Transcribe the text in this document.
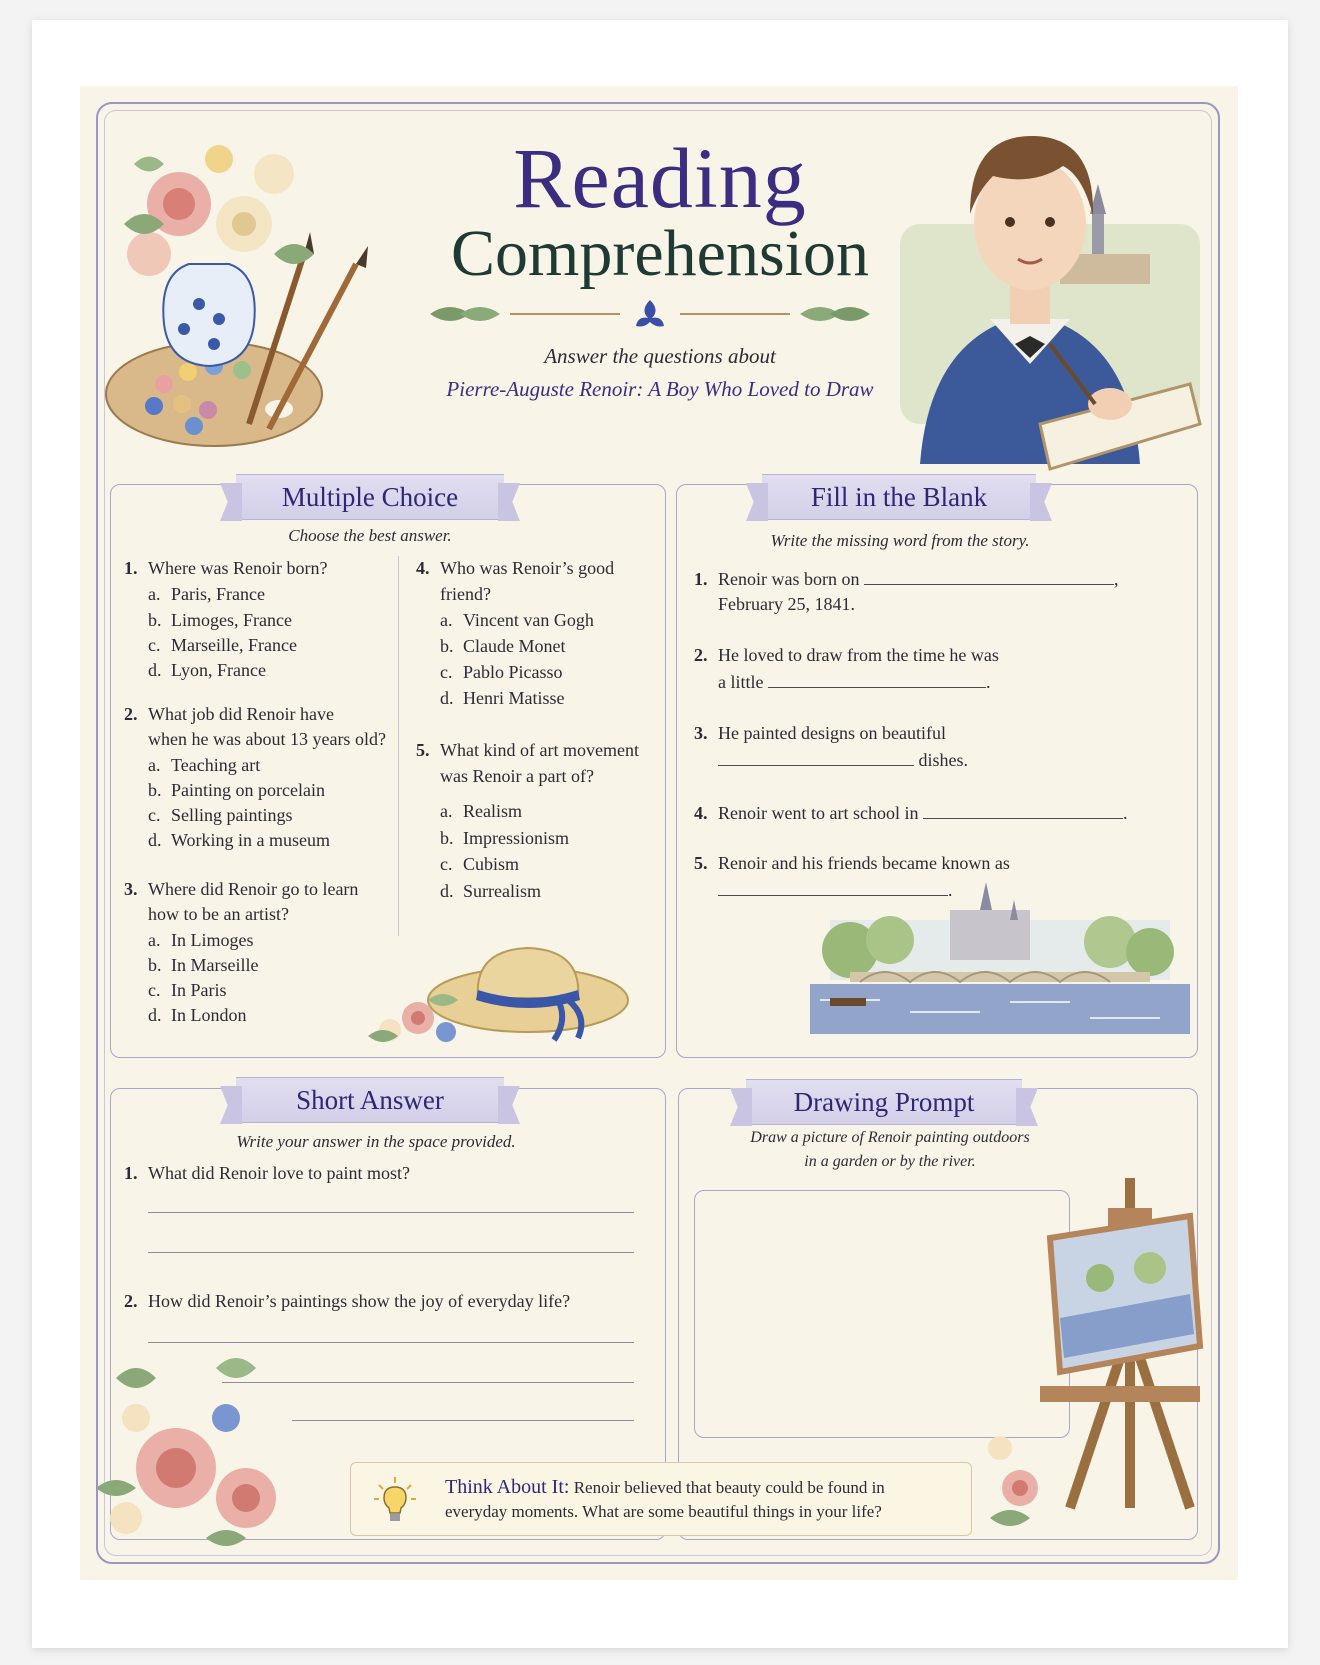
Reading
Comprehension
Answer the questions about
Pierre-Auguste Renoir: A Boy Who Loved to Draw
Multiple Choice
Choose the best answer.
1. Where was Renoir born?
a. Paris, France
b. Limoges, France
c. Marseille, France
d. Lyon, France
2. What job did Renoir have
when he was about 13 years old?
a. Teaching art
b. Painting on porcelain
c. Selling paintings
d. Working in a museum
3. Where did Renoir go to learn
how to be an artist?
a. In Limoges
b. In Marseille
c. In Paris
d. In London
4. Who was Renoir’s good
friend?
a. Vincent van Gogh
b. Claude Monet
c. Pablo Picasso
d. Henri Matisse
5. What kind of art movement
was Renoir a part of?
a. Realism
b. Impressionism
c. Cubism
d. Surrealism
Fill in the Blank
Write the missing word from the story.
1. Renoir was born on	,
February 25, 1841.
2. He loved to draw from the time he was
a little	.
3. He painted designs on beautiful
dishes.
4. Renoir went to art school in	.
5. Renoir and his friends became known as
.
Short Answer
Write your answer in the space provided.
1. What did Renoir love to paint most?
2. How did Renoir’s paintings show the joy of everyday life?
Drawing Prompt
Draw a picture of Renoir painting outdoors
in a garden or by the river.
Think About It: Renoir believed that beauty could be found in
everyday moments. What are some beautiful things in your life?
